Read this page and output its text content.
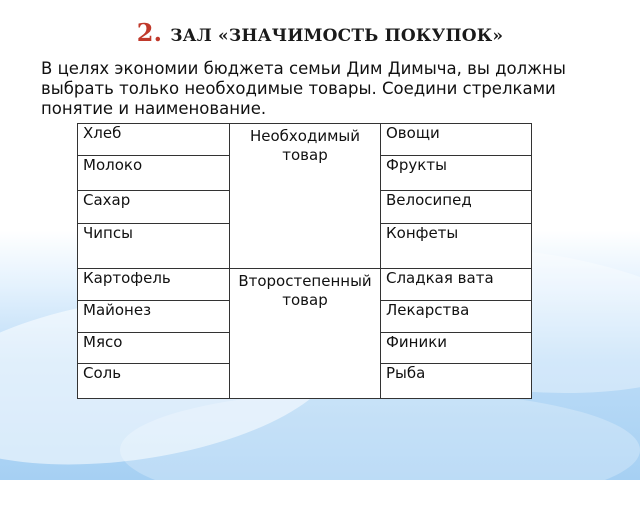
2. ЗАЛ «ЗНАЧИМОСТЬ ПОКУПОК»
В целях экономии бюджета семьи Дим Димыча, вы должны выбрать только необходимые товары. Соедини стрелками понятие и наименование.
Хлеб	Необходимый товар	Овощи
Молоко		Фрукты
Сахар		Велосипед
Чипсы		Конфеты
Картофель	Второстепенный товар	Сладкая вата
Майонез		Лекарства
Мясо		Финики
Соль		Рыба
